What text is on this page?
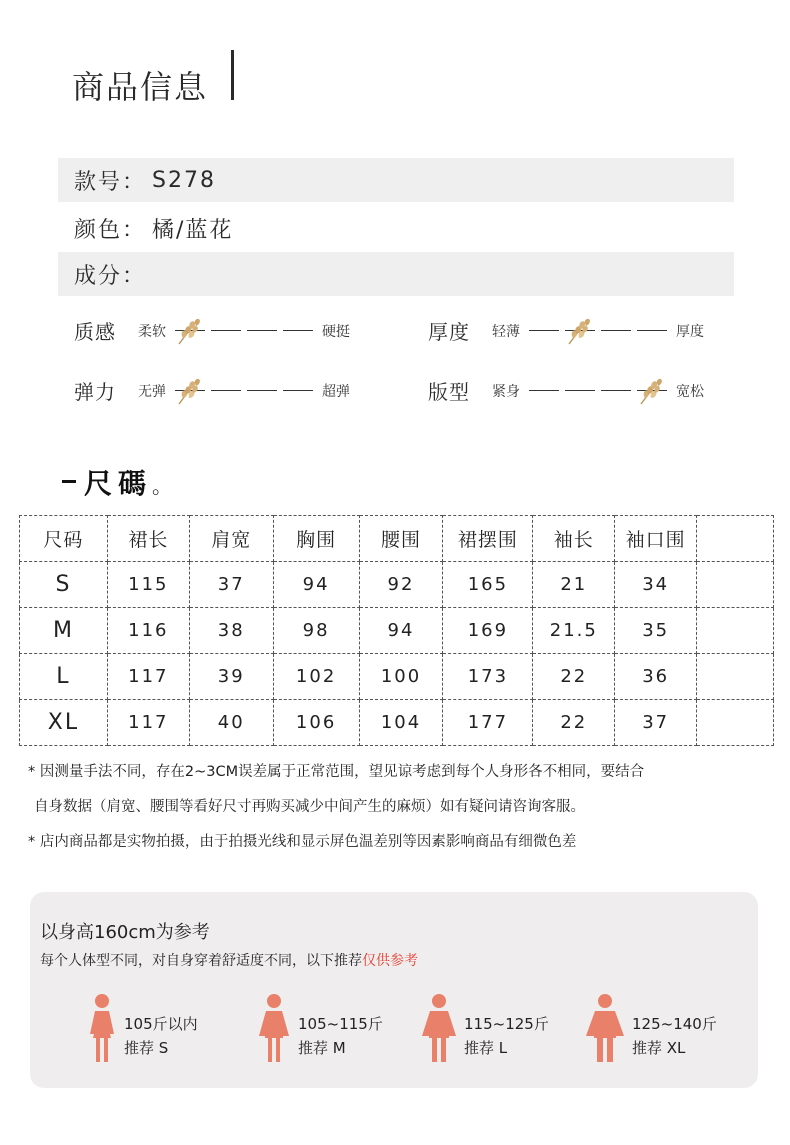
商品信息
款号： S278
颜色： 橘/蓝花
成分：
质感	柔软	硬挺	厚度	轻薄	厚度
弹力	无弹	超弹	版型	紧身	宽松
尺碼。
尺码	裙长	肩宽	胸围	腰围	裙摆围	袖长	袖口围	
S	115	37	94	92	165	21	34	
M	116	38	98	94	169	21.5	35	
L	117	39	102	100	173	22	36	
XL	117	40	106	104	177	22	37	
* 因测量手法不同，存在2~3CM误差属于正常范围，望见谅考虑到每个人身形各不相同，要结合
自身数据（肩宽、腰围等看好尺寸再购买减少中间产生的麻烦）如有疑问请咨询客服。
* 店内商品都是实物拍摄，由于拍摄光线和显示屏色温差别等因素影响商品有细微色差
以身高160cm为参考
每个人体型不同，对自身穿着舒适度不同，以下推荐仅供参考
105斤以内
推荐 S
105~115斤
推荐 M
115~125斤
推荐 L
125~140斤
推荐 XL
